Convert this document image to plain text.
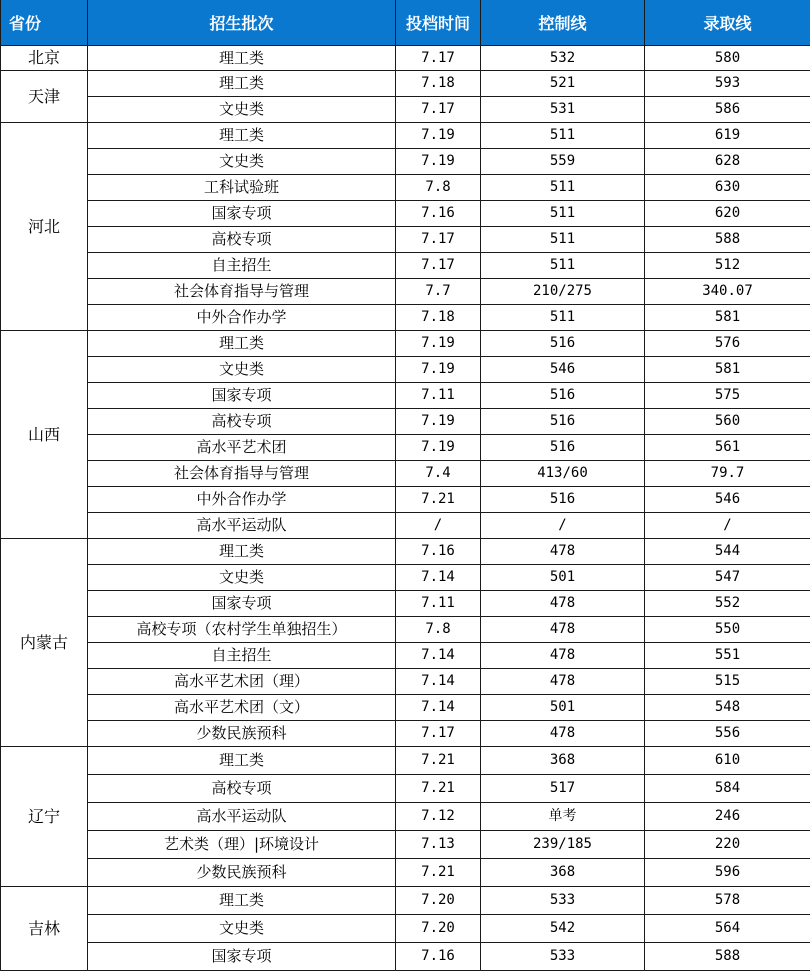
省份	招生批次	投档时间	控制线	录取线
北京	理工类	7.17	532	580
天津	理工类	7.18	521	593
	文史类	7.17	531	586
河北	理工类	7.19	511	619
	文史类	7.19	559	628
	工科试验班	7.8	511	630
	国家专项	7.16	511	620
	高校专项	7.17	511	588
	自主招生	7.17	511	512
	社会体育指导与管理	7.7	210/275	340.07
	中外合作办学	7.18	511	581
山西	理工类	7.19	516	576
	文史类	7.19	546	581
	国家专项	7.11	516	575
	高校专项	7.19	516	560
	高水平艺术团	7.19	516	561
	社会体育指导与管理	7.4	413/60	79.7
	中外合作办学	7.21	516	546
	高水平运动队	/	/	/
内蒙古	理工类	7.16	478	544
	文史类	7.14	501	547
	国家专项	7.11	478	552
	高校专项（农村学生单独招生）	7.8	478	550
	自主招生	7.14	478	551
	高水平艺术团（理）	7.14	478	515
	高水平艺术团（文）	7.14	501	548
	少数民族预科	7.17	478	556
辽宁	理工类	7.21	368	610
	高校专项	7.21	517	584
	高水平运动队	7.12	单考	246
	艺术类（理）|环境设计	7.13	239/185	220
	少数民族预科	7.21	368	596
吉林	理工类	7.20	533	578
	文史类	7.20	542	564
	国家专项	7.16	533	588
